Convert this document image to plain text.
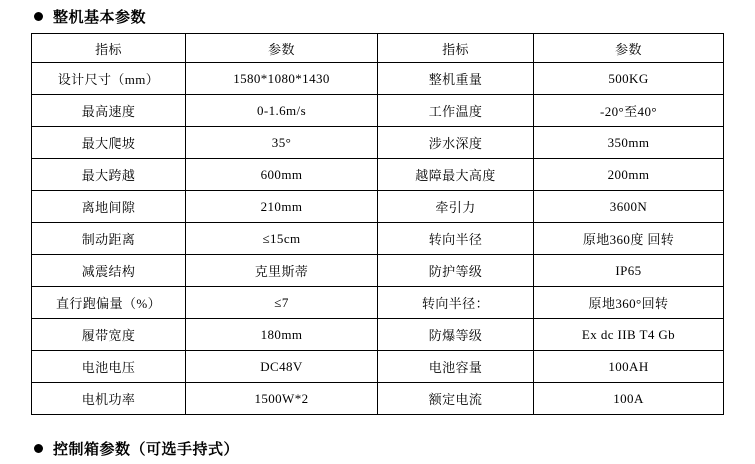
整机基本参数
指标	参数	指标	参数
设计尺寸（mm）	1580*1080*1430	整机重量	500KG
最高速度	0-1.6m/s	工作温度	-20°至40°
最大爬坡	35°	涉水深度	350mm
最大跨越	600mm	越障最大高度	200mm
离地间隙	210mm	牵引力	3600N
制动距离	≤15cm	转向半径	原地360度 回转
减震结构	克里斯蒂	防护等级	IP65
直行跑偏量（%）	≤7	转向半径：	原地360°回转
履带宽度	180mm	防爆等级	Ex dc IIB T4 Gb
电池电压	DC48V	电池容量	100AH
电机功率	1500W*2	额定电流	100A
控制箱参数（可选手持式）
